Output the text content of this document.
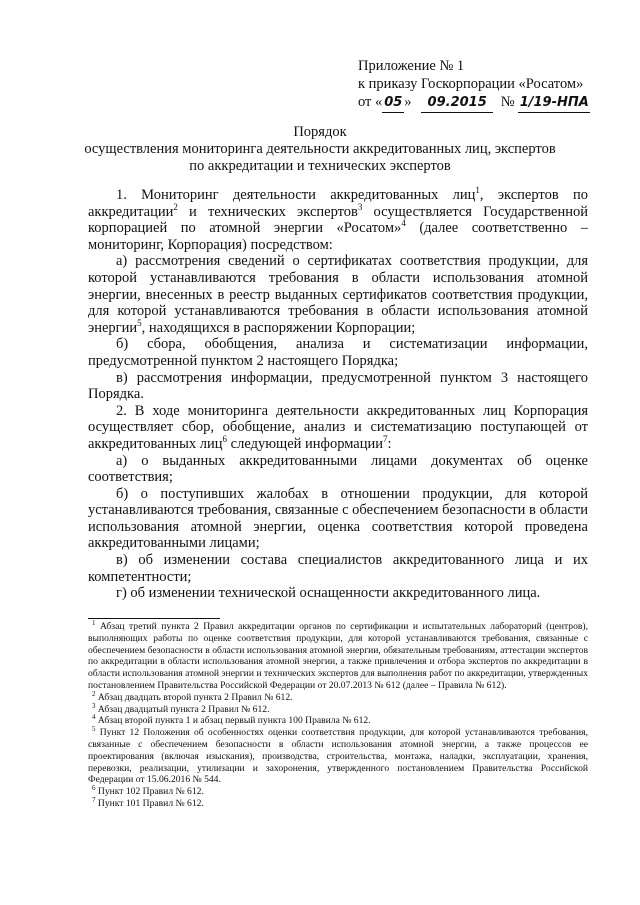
Приложение № 1
к приказу Госкорпорации «Росатом»
от « 05 » 09.2015 № 1/19-НПА
Порядок
осуществления мониторинга деятельности аккредитованных лиц, экспертов
по аккредитации и технических экспертов

1. Мониторинг деятельности аккредитованных лиц$^1$, экспертов по аккредитации$^2$ и технических экспертов$^3$ осуществляется Государственной корпорацией по атомной энергии «Росатом»$^4$ (далее соответственно – мониторинг, Корпорация) посредством:

а) рассмотрения сведений о сертификатах соответствия продукции, для которой устанавливаются требования в области использования атомной энергии, внесенных в реестр выданных сертификатов соответствия продукции, для которой устанавливаются требования в области использования атомной энергии$^5$, находящихся в распоряжении Корпорации;

б) сбора, обобщения, анализа и систематизации информации, предусмотренной пунктом 2 настоящего Порядка;

в) рассмотрения информации, предусмотренной пунктом 3 настоящего Порядка.

2. В ходе мониторинга деятельности аккредитованных лиц Корпорация осуществляет сбор, обобщение, анализ и систематизацию поступающей от аккредитованных лиц$^6$ следующей информации$^7$:

а) о выданных аккредитованными лицами документах об оценке соответствия;

б) о поступивших жалобах в отношении продукции, для которой устанавливаются требования, связанные с обеспечением безопасности в области использования атомной энергии, оценка соответствия которой проведена аккредитованными лицами;

в) об изменении состава специалистов аккредитованного лица и их компетентности;

г) об изменении технической оснащенности аккредитованного лица.

$^1$ Абзац третий пункта 2 Правил аккредитации органов по сертификации и испытательных лабораторий (центров), выполняющих работы по оценке соответствия продукции, для которой устанавливаются требования, связанные с обеспечением безопасности в области использования атомной энергии, обязательным требованиям, аттестации экспертов по аккредитации в области использования атомной энергии, а также привлечения и отбора экспертов по аккредитации в области использования атомной энергии и технических экспертов для выполнения работ по аккредитации, утвержденных постановлением Правительства Российской Федерации от 20.07.2013 № 612 (далее – Правила № 612).

$^2$ Абзац двадцать второй пункта 2 Правил № 612.

$^3$ Абзац двадцатый пункта 2 Правил № 612.

$^4$ Абзац второй пункта 1 и абзац первый пункта 100 Правила № 612.

$^5$ Пункт 12 Положения об особенностях оценки соответствия продукции, для которой устанавливаются требования, связанные с обеспечением безопасности в области использования атомной энергии, а также процессов ее проектирования (включая изыскания), производства, строительства, монтажа, наладки, эксплуатации, хранения, перевозки, реализации, утилизации и захоронения, утвержденного постановлением Правительства Российской Федерации от 15.06.2016 № 544.

$^6$ Пункт 102 Правил № 612.

$^7$ Пункт 101 Правил № 612.
